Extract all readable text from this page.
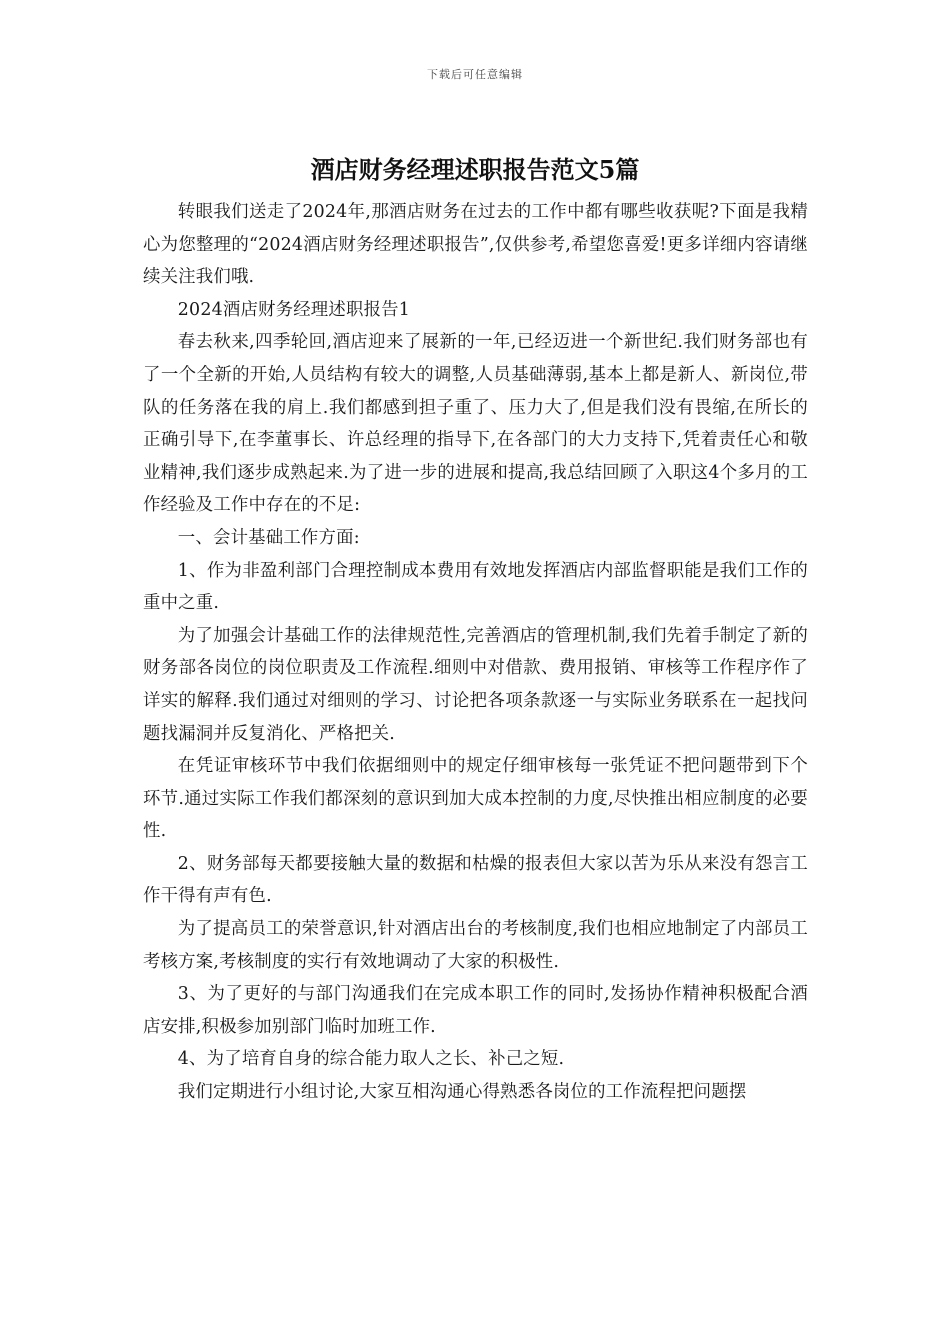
下载后可任意编辑
酒店财务经理述职报告范文5篇

转眼我们送走了2024年,那酒店财务在过去的工作中都有哪些收获呢?下面是我精心为您整理的“2024酒店财务经理述职报告”,仅供参考,希望您喜爱!更多详细内容请继续关注我们哦.

2024酒店财务经理述职报告1

春去秋来,四季轮回,酒店迎来了展新的一年,已经迈进一个新世纪.我们财务部也有了一个全新的开始,人员结构有较大的调整,人员基础薄弱,基本上都是新人、新岗位,带队的任务落在我的肩上.我们都感到担子重了、压力大了,但是我们没有畏缩,在所长的正确引导下,在李董事长、许总经理的指导下,在各部门的大力支持下,凭着责任心和敬业精神,我们逐步成熟起来.为了进一步的进展和提高,我总结回顾了入职这4个多月的工作经验及工作中存在的不足:

一、会计基础工作方面:

1、作为非盈利部门合理控制成本费用有效地发挥酒店内部监督职能是我们工作的重中之重.

为了加强会计基础工作的法律规范性,完善酒店的管理机制,我们先着手制定了新的财务部各岗位的岗位职责及工作流程.细则中对借款、费用报销、审核等工作程序作了详实的解释.我们通过对细则的学习、讨论把各项条款逐一与实际业务联系在一起找问题找漏洞并反复消化、严格把关.

在凭证审核环节中我们依据细则中的规定仔细审核每一张凭证不把问题带到下个环节.通过实际工作我们都深刻的意识到加大成本控制的力度,尽快推出相应制度的必要性.

2、财务部每天都要接触大量的数据和枯燥的报表但大家以苦为乐从来没有怨言工作干得有声有色.

为了提高员工的荣誉意识,针对酒店出台的考核制度,我们也相应地制定了内部员工考核方案,考核制度的实行有效地调动了大家的积极性.

3、为了更好的与部门沟通我们在完成本职工作的同时,发扬协作精神积极配合酒店安排,积极参加别部门临时加班工作.

4、为了培育自身的综合能力取人之长、补己之短.

我们定期进行小组讨论,大家互相沟通心得熟悉各岗位的工作流程把问题摆
